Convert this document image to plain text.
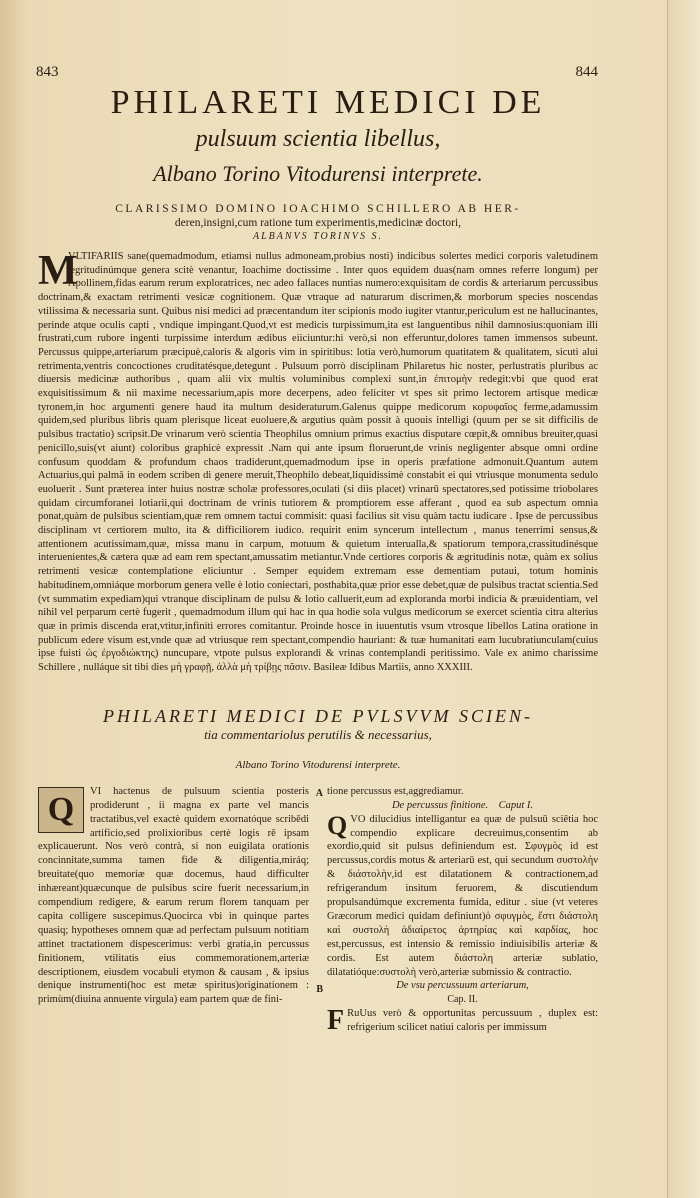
843	844
PHILARETI MEDICI DE
pulsuum scientia libellus,
Albano Torino Vitodurensi interprete.
CLARISSIMO DOMINO IOACHIMO SCHILLERO AB HER-
deren,insigni,cum ratione tum experimentis,medicinæ doctori,
ALBANVS TORINVS S.
M
VLTIFARIIS sane(quemadmodum, etiamsi nullus admoneam,probius nosti) indicibus solertes medici corporis valetudinem ægritudinúmque genera scitè venantur, Ioachime doctissime . Inter quos equidem duas(nam omnes referre longum) per Apollinem,fidas earum rerum exploratrices, nec adeo fallaces nuntias numero:exquisitam de cordis & arteriarum percussibus doctrinam,& exactam retrimenti vesicæ cognitionem. Quæ vtraque ad naturarum discrimen,& morborum species noscendas vtilissima & necessaria sunt. Quibus nisi medici ad præcentandum iter scipionis modo iugiter vtantur,periculum est ne hallucinantes, perinde atque oculis capti , vndique impingant.Quod,vt est medicis turpissimum,ita est languentibus nihil damnosius:quoniam illi frustrati,cum rubore ingenti turpissime interdum ædibus eiiciuntur:hi verò,si non efferuntur,dolores tamen immensos subeunt. Percussus quippe,arteriarum præcipuè,caloris & algoris vim in spiritibus: lotia verò,humorum quatitatem & qualitatem, sicuti alui retrimenta,ventris concoctiones cruditatésque,detegunt . Pulsuum porrò disciplinam Philaretus hic noster, perlustratis pluribus ac diuersis medicinæ authoribus , quam alii vix multis voluminibus complexi sunt,in ἐπιτομὴν redegit:vbi que quod erat exquisitissimum & nii maxime necessarium,apis more decerpens, adeo feliciter vt spes sit primo lectorem artisque medicæ tyronem,in hoc argumenti genere haud ita multum desideraturum.Galenus quippe medicorum κορυφαῖος ferme,adamussim quidem,sed pluribus libris quam plerisque liceat euoluere,& argutius quàm possit à quouis intelligi (quum per se sit difficilis de pulsibus tractatio) scripsit.De vrinarum verò scientia Theophilus omnium primus exactius disputare cœpit,& omnibus breuiter,quasi penicillo,suis(vt aiunt) coloribus graphicè expressit .Nam qui ante ipsum floruerunt,de vrinis negligenter absque omni ordine confusum quoddam & profundum chaos tradiderunt,quemadmodum ipse in operis præfatione admonuit.Quantum autem Actuarius,qui palmā in eodem scriben di genere meruit,Theophilo debeat,liquidissimè constabit ei qui vtriusque monumenta sedulo euoluerit . Sunt præterea inter huius nostræ scholæ professores,oculati (si diis placet) vrinarū spectatores,sed potissime triobolares quidam circumforanei lotiarii,qui doctrinam de vrinis tutiorem & promptiorem esse afferant , quod ea sub aspectum omnia ponat,quàm de pulsibus scientiam,quæ rem omnem tactui commisit: quasi facilius sit visu quàm tactu iudicare . Ipse de percussibus disciplinam vt certiorem multo, ita & difficiliorem iudico. requirit enim syncerum intellectum , manus tenerrimi sensus,& attentionem acutissimam,quæ, missa manu in carpum, motuum & quietum interualla,& spatiorum tempora,crassitudinésque interuenientes,& cætera quæ ad eam rem spectant,amussatim metiantur.Vnde certiores corporis & ægritudinis notæ, quàm ex solius retrimenti vesicæ contemplatione eliciuntur . Semper equidem extremam esse dementiam putaui, totum hominis habitudinem,omniáque morborum genera velle è lotio coniectari, posthabita,quæ prior esse debet,quæ de pulsibus tractat scientia.Sed (vt summatim expediam)qui vtranque disciplinam de pulsu & lotio calluerit,eum ad exploranda morbi indicia & præuidentiam, vel nihil vel perparum certè fugerit , quemadmodum illum qui hac in qua hodie sola vulgus medicorum se exercet scientia citra alterius quæ in primis discenda erat,vtitur,infiniti errores comitantur. Proinde hosce in iuuentutis vsum vtrosque libellos Latina oratione in publicum edere visum est,vnde quæ ad vtriusque rem spectant,compendio hauriant: & tuæ humanitati eam lucubratiunculam(cuius ipse fuisti ὡς ἐργοδιώκτης) nuncupare, vtpote pulsus explorandi & vrinas contemplandi peritissimo. Vale ex animo charissime Schillere , nulláque sit tibi dies μὴ γραφῇ, ἀλλὰ μὴ τρίβῃς πᾶσιν. Basileæ Idibus Martiis, anno XXXIII.
PHILARETI MEDICI DE PVLSVVM SCIEN-
tia commentariolus perutilis & necessarius,
Albano Torino Vitodurensi interprete.
Q VI hactenus de pulsuum scientia posteris prodiderunt , ii magna ex parte vel mancis tractatibus,vel exactè quidem exornatóque scribēdi artificio,sed prolixioribus certè logis rē ipsam explicauerunt. Nos verò contrà, si non euigilata orationis concinnitate,summa tamen fide & diligentia,miráq; breuitate(quo memoriæ quæ docemus, haud difficulter inhæreant)quæcunque de pulsibus scire fuerit necessarium,in compendium redigere, & earum rerum florem tanquam per capita colligere suscepimus.Quocirca vbi in quinque partes quasiq; hypotheses omnem quæ ad perfectam pulsuum notitiam attinet tractationem dispescerimus: verbi gratia,in percussus finitionem, vtilitatis eius commemorationem,arteriæ descriptionem, eiusdem vocabuli etymon & causam , & ipsius denique instrumenti(hoc est metæ spiritus)originationem : primùm(diuina annuente virgula) eam partem quæ de fini-
A
B

tione percussus est,aggrediamur.

De percussus finitione. Caput I.

Q VO dilucidius intelligantur ea quæ de pulsuū sciētia hoc compendio explicare decreuimus,consentim ab exordio,quid sit pulsus definiendum est. Σφυγμὸς id est percussus,cordis motus & arteriarū est, qui secundum συστολὴν & διάστολὴν,id est dilatationem & contractionem,ad refrigerandum insitum feruorem, & discutiendum propulsandúmque excrementa fumida, editur . siue (vt veteres Græcorum medici quidam definiunt)ὁ σφυγμὸς, ἔστι διάστολη καὶ συστολὴ ἀδιαίρετος ἀρτηρίας καὶ καρδίας, hoc est,percussus, est intensio & remissio indiuisibilis arteriæ & cordis. Est autem διάστολη arteriæ sublatio, dilatatióque:συστολὴ verò,arteriæ submissio & contractio.

De vsu percussuum arteriarum,

Cap. II.

F RuUus verò & opportunitas percussuum , duplex est: refrigerium scilicet natiui caloris per immissum
